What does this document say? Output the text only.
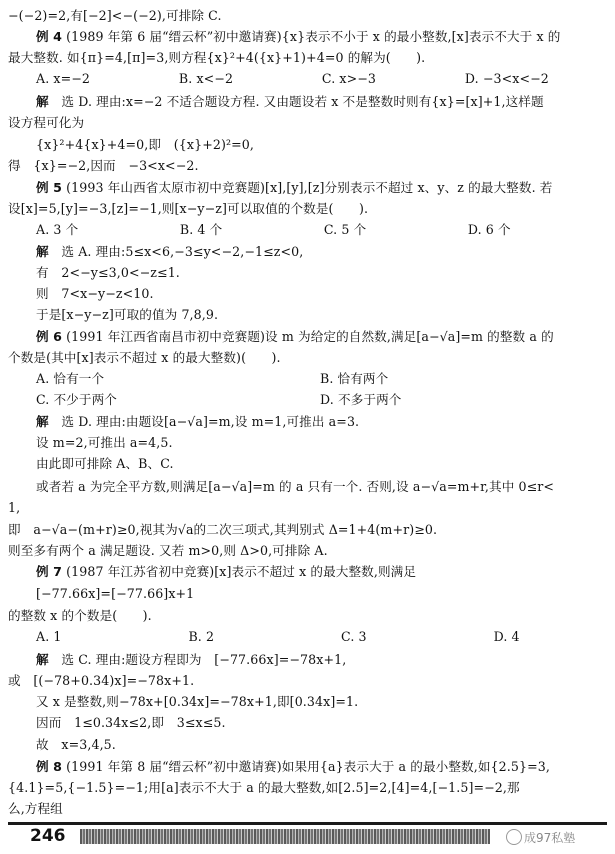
−(−2)=2,有[−2]<−(−2),可排除 C.
例 4 (1989 年第 6 届“缙云杯”初中邀请赛){x}表示不小于 x 的最小整数,[x]表示不大于 x 的
最大整数. 如{π}=4,[π]=3,则方程{x}²+4({x}+1)+4=0 的解为(　　).
A. x=−2　　　　　　　B. x<−2　　　　　　　C. x>−3　　　　　　　D. −3<x<−2
解　 选 D. 理由:x=−2 不适合题设方程. 又由题设若 x 不是整数时则有{x}=[x]+1,这样题
设方程可化为
{x}²+4{x}+4=0,即　({x}+2)²=0,
得　{x}=−2,因而　−3<x<−2.
例 5 (1993 年山西省太原市初中竞赛题)[x],[y],[z]分别表示不超过 x、y、z 的最大整数. 若
设[x]=5,[y]=−3,[z]=−1,则[x−y−z]可以取值的个数是(　　).
A. 3 个　　　　　　　　B. 4 个　　　　　　　　C. 5 个　　　　　　　　D. 6 个
解　 选 A. 理由:5≤x<6,−3≤y<−2,−1≤z<0,
有　2<−y≤3,0<−z≤1.
则　7<x−y−z<10.
于是[x−y−z]可取的值为 7,8,9.
例 6 (1991 年江西省南昌市初中竞赛题)设 m 为给定的自然数,满足[a−√a]=m 的整数 a 的
个数是(其中[x]表示不超过 x 的最大整数)(　　).
A. 恰有一个　　　　　　　　　　　　　　　　　B. 恰有两个
C. 不少于两个　　　　　　　　　　　　　　　　D. 不多于两个
解　 选 D. 理由:由题设[a−√a]=m,设 m=1,可推出 a=3.
设 m=2,可推出 a=4,5.
由此即可排除 A、B、C.
或者若 a 为完全平方数,则满足[a−√a]=m 的 a 只有一个. 否则,设 a−√a=m+r,其中 0≤r<
1,
即　a−√a−(m+r)≥0,视其为√a的二次三项式,其判别式 Δ=1+4(m+r)≥0.
则至多有两个 a 满足题设. 又若 m>0,则 Δ>0,可排除 A.
例 7 (1987 年江苏省初中竞赛)[x]表示不超过 x 的最大整数,则满足
[−77.66x]=[−77.66]x+1
的整数 x 的个数是(　　).
A. 1　　　　　　　　　　B. 2　　　　　　　　　　C. 3　　　　　　　　　　D. 4
解　 选 C. 理由:题设方程即为　[−77.66x]=−78x+1,
或　[(−78+0.34)x]=−78x+1.
又 x 是整数,则−78x+[0.34x]=−78x+1,即[0.34x]=1.
因而　1≤0.34x≤2,即　3≤x≤5.
故　x=3,4,5.
例 8 (1991 年第 8 届“缙云杯”初中邀请赛)如果用{a}表示大于 a 的最小整数,如{2.5}=3,
{4.1}=5,{−1.5}=−1;用[a]表示不大于 a 的最大整数,如[2.5]=2,[4]=4,[−1.5]=−2,那
么,方程组
246	成97私塾
